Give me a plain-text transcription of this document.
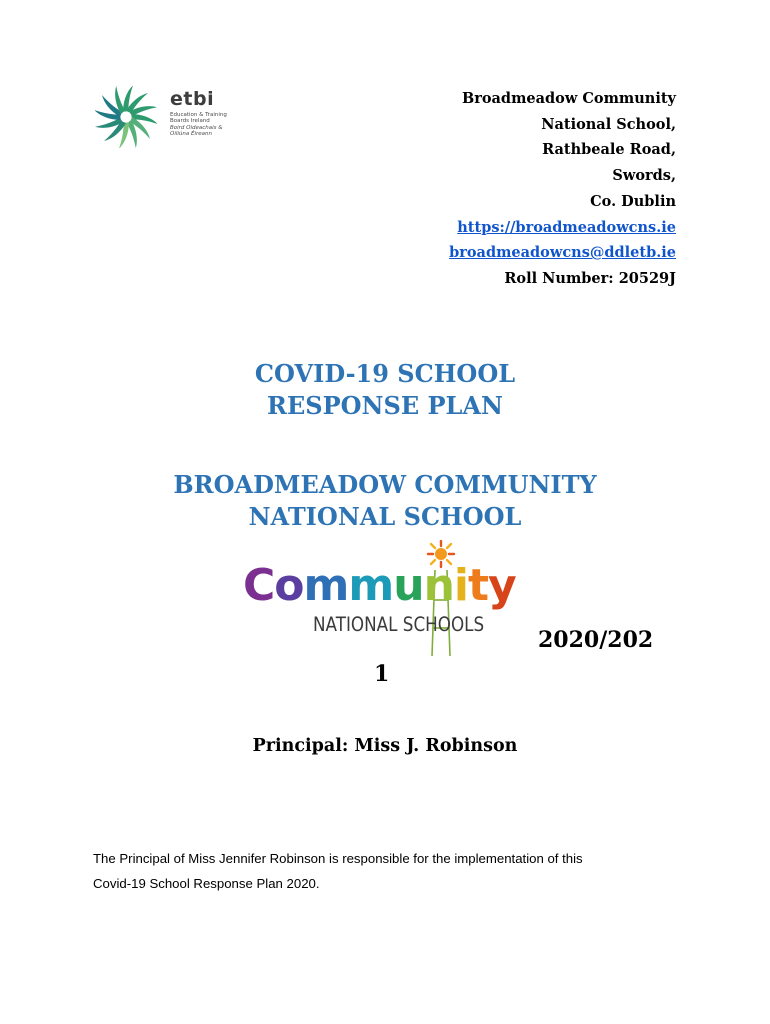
etbi
Education & Training
Boards Ireland
Boird Oideachais &
Oiliúna Éireann
Broadmeadow Community
National School,
Rathbeale Road,
Swords,
Co. Dublin
https://broadmeadowcns.ie
broadmeadowcns@ddletb.ie
Roll Number: 20529J
COVID-19 SCHOOL
RESPONSE PLAN
BROADMEADOW COMMUNITY
NATIONAL SCHOOL
Community
NATIONAL SCHOOLS
2020/202
1
Principal: Miss J. Robinson
The Principal of Miss Jennifer Robinson is responsible for the implementation of this
Covid-19 School Response Plan 2020.
